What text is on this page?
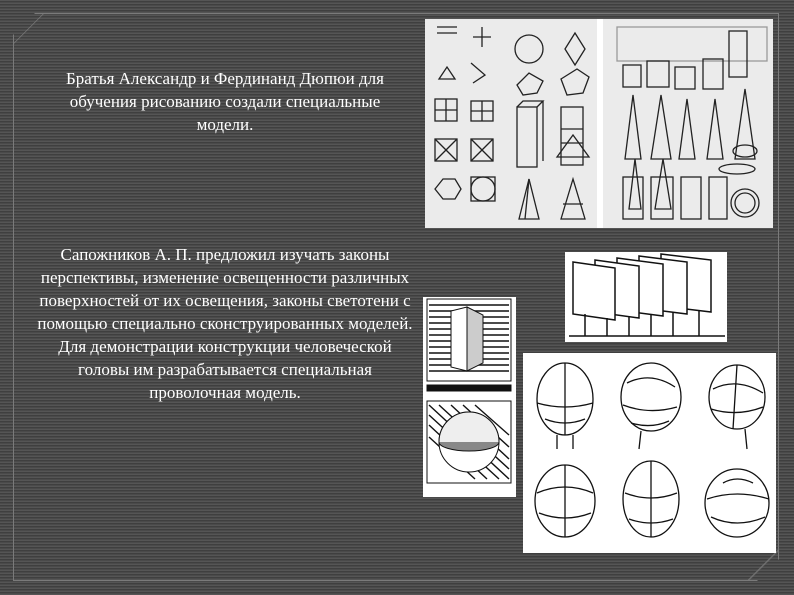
Братья Александр и Фердинанд Дюпюи для обучения рисованию создали специальные модели.

Сапожников А. П. предложил изучать законы перспективы, изменение освещенности различных поверхностей от их освещения, законы светотени с помощью специально сконструированных моделей. Для демонстрации конструкции человеческой головы им разрабатывается специальная проволочная модель.
